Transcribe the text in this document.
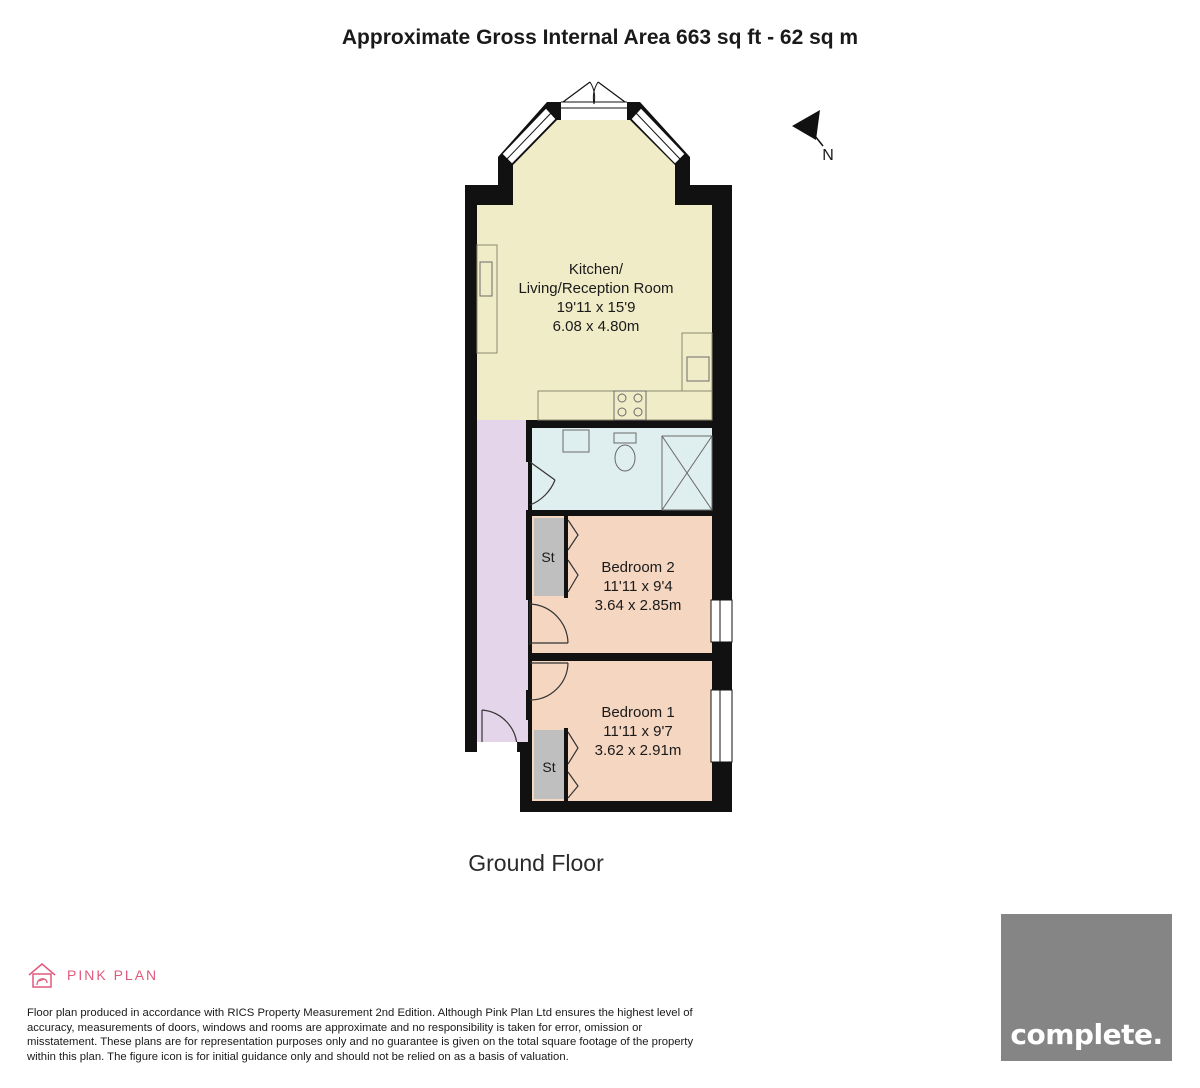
Approximate Gross Internal Area 663 sq ft - 62 sq m
N
Kitchen/
Living/Reception Room
19'11 x 15'9
6.08 x 4.80m
Bedroom 2
11'11 x 9'4
3.64 x 2.85m
Bedroom 1
11'11 x 9'7
3.62 x 2.91m
St
St
Ground Floor
PINK PLAN
Floor plan produced in accordance with RICS Property Measurement 2nd Edition. Although Pink Plan Ltd ensures the highest level of accuracy, measurements of doors, windows and rooms are approximate and no responsibility is taken for error, omission or misstatement. These plans are for representation purposes only and no guarantee is given on the total square footage of the property within this plan. The figure icon is for initial guidance only and should not be relied on as a basis of valuation.
complete.
